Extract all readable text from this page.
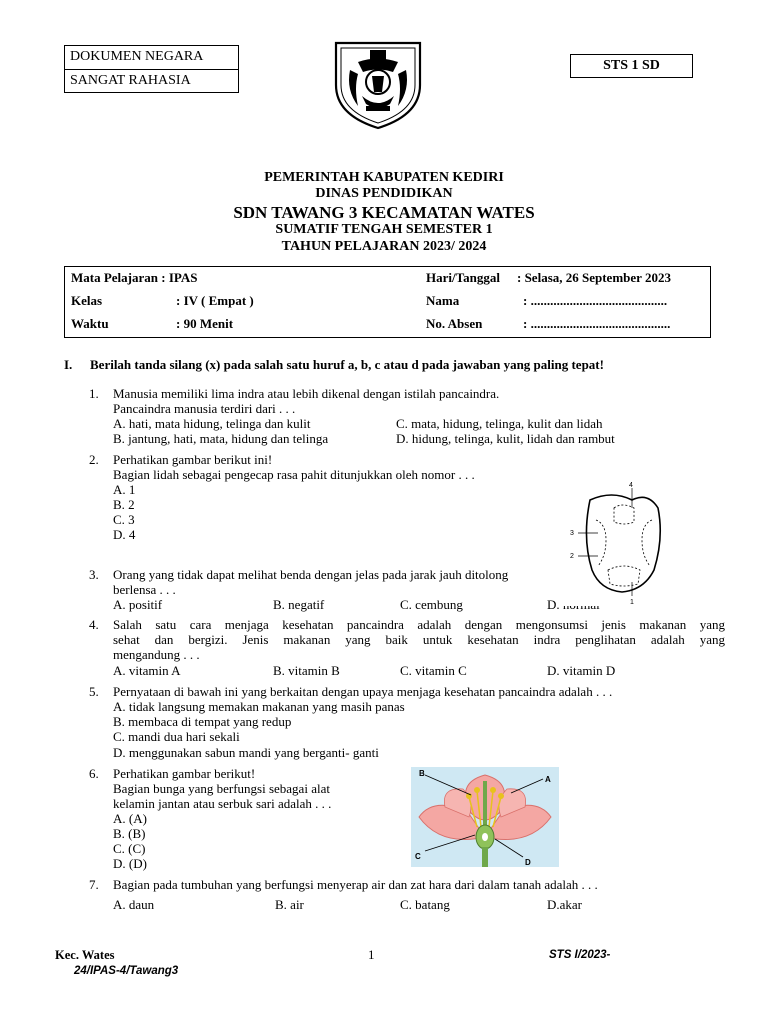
DOKUMEN NEGARA
SANGAT RAHASIA
STS 1 SD
PEMERINTAH KABUPATEN KEDIRI
DINAS PENDIDIKAN
SDN TAWANG 3 KECAMATAN WATES
SUMATIF TENGAH SEMESTER 1
TAHUN PELAJARAN 2023/ 2024
Mata Pelajaran : IPAS	Hari/Tanggal : Selasa, 26 September 2023
Kelas	: IV ( Empat )	Nama	: ..........................................
Waktu	: 90 Menit	No. Absen	: ...........................................
I. Berilah tanda silang (x) pada salah satu huruf a, b, c atau d pada jawaban yang paling tepat!
1. Manusia memiliki lima indra atau lebih dikenal dengan istilah pancaindra.
Pancaindra manusia terdiri dari . . .
A. hati, mata hidung, telinga dan kulit
B. jantung, hati, mata, hidung dan telinga
C. mata, hidung, telinga, kulit dan lidah
D. hidung, telinga, kulit, lidah dan rambut
2. Perhatikan gambar berikut ini!
Bagian lidah sebagai pengecap rasa pahit ditunjukkan oleh nomor . . .
A. 1
B. 2
C. 3
D. 4
3. Orang yang tidak dapat melihat benda dengan jelas pada jarak jauh ditolong
berlensa . . .
A. positif	B. negatif	C. cembung	D. normal
4
3
2
1
4. Salah satu cara menjaga kesehatan pancaindra adalah dengan mengonsumsi jenis makanan yang
sehat dan bergizi. Jenis makanan yang baik untuk kesehatan indra penglihatan adalah yang
mengandung . . .
A. vitamin A	B. vitamin B	C. vitamin C	D. vitamin D
5. Pernyataan di bawah ini yang berkaitan dengan upaya menjaga kesehatan pancaindra adalah . . .
A. tidak langsung memakan makanan yang masih panas
B. membaca di tempat yang redup
C. mandi dua hari sekali
D. menggunakan sabun mandi yang berganti- ganti
6. Perhatikan gambar berikut!
Bagian bunga yang berfungsi sebagai alat
kelamin jantan atau serbuk sari adalah . . .
A. (A)
B. (B)
C. (C)
D. (D)
B
A
C
D
7. Bagian pada tumbuhan yang berfungsi menyerap air dan zat hara dari dalam tanah adalah . . .
A. daun	B. air	C. batang	D.akar
Kec. Wates
24/IPAS-4/Tawang3
1	STS I/2023-
